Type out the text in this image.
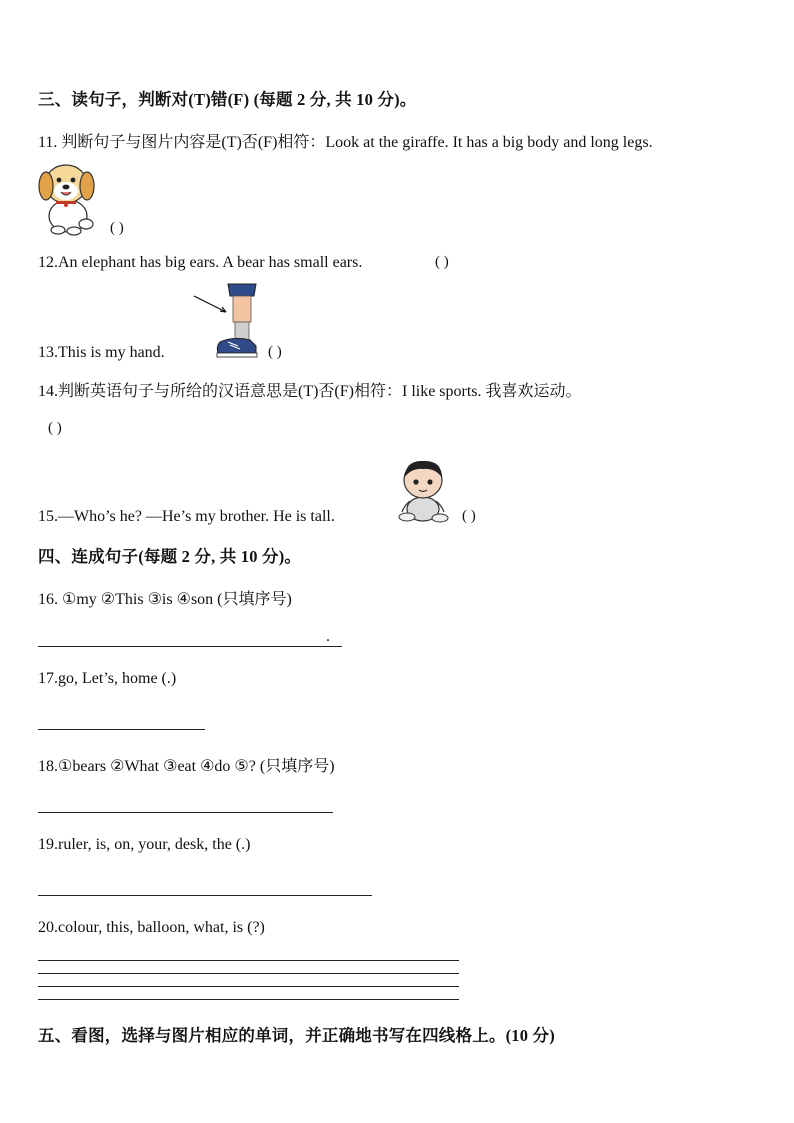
三、读句子，判断对(T)错(F) (每题 2 分, 共 10 分)。
11. 判断句子与图片内容是(T)否(F)相符：Look at the giraffe. It has a big body and long legs.
( )
12.An elephant has big ears. A bear has small ears.	( )
13.This is my hand.	( )
14.判断英语句子与所给的汉语意思是(T)否(F)相符：I like sports. 我喜欢运动。
( )
15.—Who’s he? —He’s my brother. He is tall.	( )
四、连成句子(每题 2 分, 共 10 分)。
16. ①my ②This ③is ④son (只填序号)
.
17.go, Let’s, home (.)
18.①bears ②What ③eat ④do ⑤? (只填序号)
19.ruler, is, on, your, desk, the (.)
20.colour, this, balloon, what, is (?)
五、看图，选择与图片相应的单词，并正确地书写在四线格上。(10 分)
